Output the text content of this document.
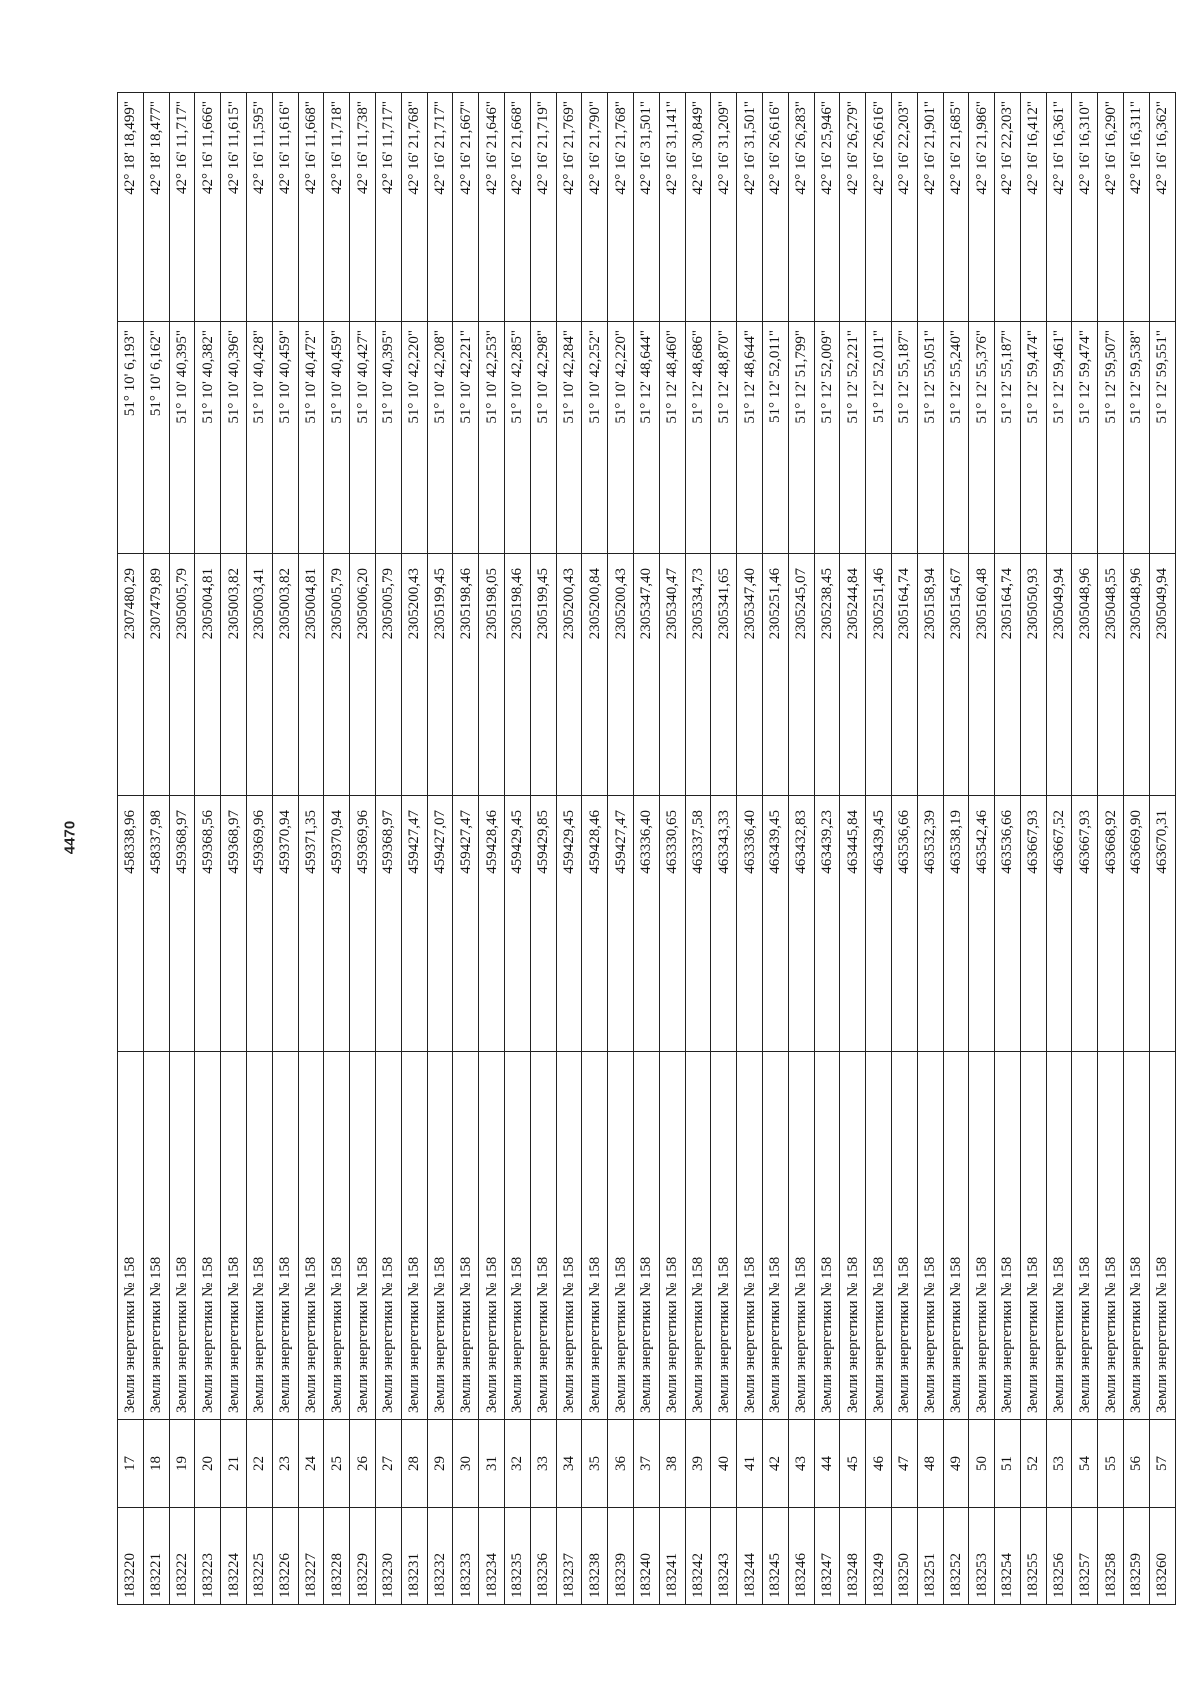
4470
183220	17	Земли энергетики № 158	458338,96	2307480,29	51° 10' 6,193"	42° 18' 18,499"
183221	18	Земли энергетики № 158	458337,98	2307479,89	51° 10' 6,162"	42° 18' 18,477"
183222	19	Земли энергетики № 158	459368,97	2305005,79	51° 10' 40,395"	42° 16' 11,717"
183223	20	Земли энергетики № 158	459368,56	2305004,81	51° 10' 40,382"	42° 16' 11,666"
183224	21	Земли энергетики № 158	459368,97	2305003,82	51° 10' 40,396"	42° 16' 11,615"
183225	22	Земли энергетики № 158	459369,96	2305003,41	51° 10' 40,428"	42° 16' 11,595"
183226	23	Земли энергетики № 158	459370,94	2305003,82	51° 10' 40,459"	42° 16' 11,616"
183227	24	Земли энергетики № 158	459371,35	2305004,81	51° 10' 40,472"	42° 16' 11,668"
183228	25	Земли энергетики № 158	459370,94	2305005,79	51° 10' 40,459"	42° 16' 11,718"
183229	26	Земли энергетики № 158	459369,96	2305006,20	51° 10' 40,427"	42° 16' 11,738"
183230	27	Земли энергетики № 158	459368,97	2305005,79	51° 10' 40,395"	42° 16' 11,717"
183231	28	Земли энергетики № 158	459427,47	2305200,43	51° 10' 42,220"	42° 16' 21,768"
183232	29	Земли энергетики № 158	459427,07	2305199,45	51° 10' 42,208"	42° 16' 21,717"
183233	30	Земли энергетики № 158	459427,47	2305198,46	51° 10' 42,221"	42° 16' 21,667"
183234	31	Земли энергетики № 158	459428,46	2305198,05	51° 10' 42,253"	42° 16' 21,646"
183235	32	Земли энергетики № 158	459429,45	2305198,46	51° 10' 42,285"	42° 16' 21,668"
183236	33	Земли энергетики № 158	459429,85	2305199,45	51° 10' 42,298"	42° 16' 21,719"
183237	34	Земли энергетики № 158	459429,45	2305200,43	51° 10' 42,284"	42° 16' 21,769"
183238	35	Земли энергетики № 158	459428,46	2305200,84	51° 10' 42,252"	42° 16' 21,790"
183239	36	Земли энергетики № 158	459427,47	2305200,43	51° 10' 42,220"	42° 16' 21,768"
183240	37	Земли энергетики № 158	463336,40	2305347,40	51° 12' 48,644"	42° 16' 31,501"
183241	38	Земли энергетики № 158	463330,65	2305340,47	51° 12' 48,460"	42° 16' 31,141"
183242	39	Земли энергетики № 158	463337,58	2305334,73	51° 12' 48,686"	42° 16' 30,849"
183243	40	Земли энергетики № 158	463343,33	2305341,65	51° 12' 48,870"	42° 16' 31,209"
183244	41	Земли энергетики № 158	463336,40	2305347,40	51° 12' 48,644"	42° 16' 31,501"
183245	42	Земли энергетики № 158	463439,45	2305251,46	51° 12' 52,011"	42° 16' 26,616"
183246	43	Земли энергетики № 158	463432,83	2305245,07	51° 12' 51,799"	42° 16' 26,283"
183247	44	Земли энергетики № 158	463439,23	2305238,45	51° 12' 52,009"	42° 16' 25,946"
183248	45	Земли энергетики № 158	463445,84	2305244,84	51° 12' 52,221"	42° 16' 26,279"
183249	46	Земли энергетики № 158	463439,45	2305251,46	51° 12' 52,011"	42° 16' 26,616"
183250	47	Земли энергетики № 158	463536,66	2305164,74	51° 12' 55,187"	42° 16' 22,203"
183251	48	Земли энергетики № 158	463532,39	2305158,94	51° 12' 55,051"	42° 16' 21,901"
183252	49	Земли энергетики № 158	463538,19	2305154,67	51° 12' 55,240"	42° 16' 21,685"
183253	50	Земли энергетики № 158	463542,46	2305160,48	51° 12' 55,376"	42° 16' 21,986"
183254	51	Земли энергетики № 158	463536,66	2305164,74	51° 12' 55,187"	42° 16' 22,203"
183255	52	Земли энергетики № 158	463667,93	2305050,93	51° 12' 59,474"	42° 16' 16,412"
183256	53	Земли энергетики № 158	463667,52	2305049,94	51° 12' 59,461"	42° 16' 16,361"
183257	54	Земли энергетики № 158	463667,93	2305048,96	51° 12' 59,474"	42° 16' 16,310"
183258	55	Земли энергетики № 158	463668,92	2305048,55	51° 12' 59,507"	42° 16' 16,290"
183259	56	Земли энергетики № 158	463669,90	2305048,96	51° 12' 59,538"	42° 16' 16,311"
183260	57	Земли энергетики № 158	463670,31	2305049,94	51° 12' 59,551"	42° 16' 16,362"
